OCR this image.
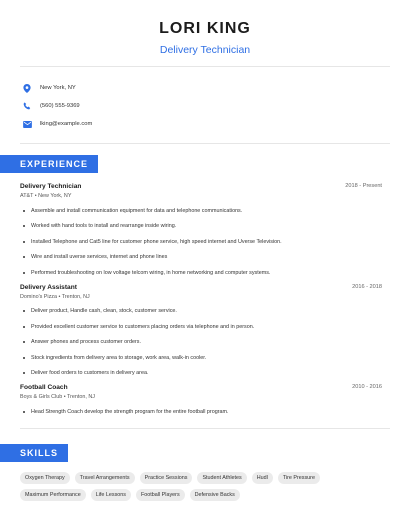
LORI KING
Delivery Technician
New York, NY
(560) 555-9369
lking@example.com
EXPERIENCE
Delivery Technician	2018 - Present
AT&T • New York, NY
Assemble and install communication equipment for data and telephone communications.
Worked with hand tools to install and rearrange inside wiring.
Installed Telephone and Cat5 line for customer phone service, high speed internet and Uverse Television.
Wire and install uverse services, internet and phone lines
Performed troubleshooting on low voltage telcom wiring, in home networking and computer systems.
Delivery Assistant	2016 - 2018
Domino's Pizza • Trenton, NJ
Deliver product, Handle cash, clean, stock, customer service.
Provided excellent customer service to customers placing orders via telephone and in person.
Answer phones and process customer orders.
Stock ingredients from delivery area to storage, work area, walk-in cooler.
Deliver food orders to customers in delivery area.
Football Coach	2010 - 2016
Boys & Girls Club • Trenton, NJ
Head Strength Coach develop the strength program for the entire football program.
SKILLS
Oxygen Therapy	Travel Arrangements	Practice Sessions	Student Athletes	Hudl	Tire Pressure
Maximum Performance	Life Lessons	Football Players	Defensive Backs
